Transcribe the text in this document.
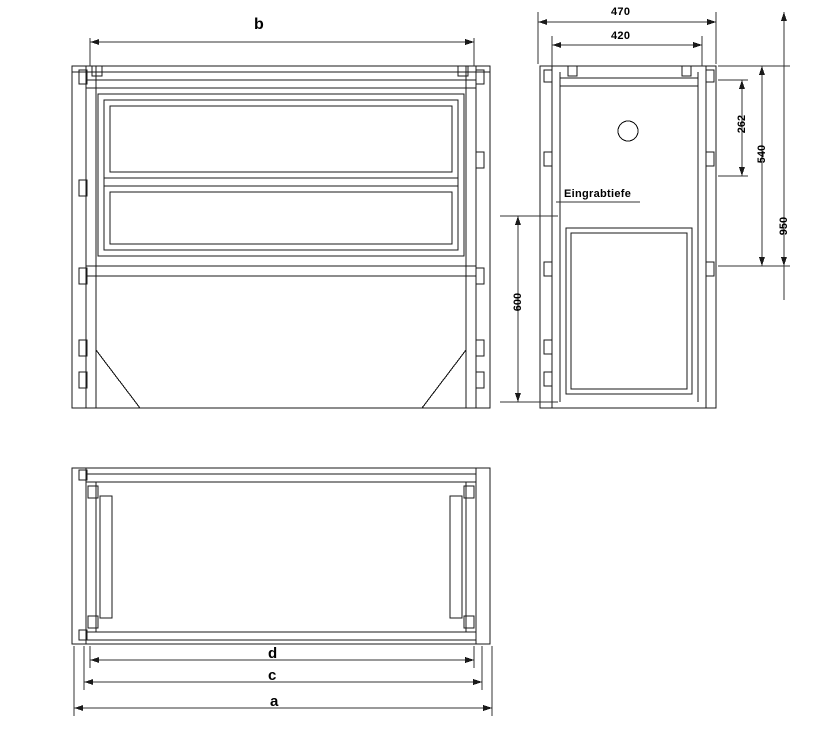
b
470
420
262
540
950
600
Eingrabtiefe
d
c
a
